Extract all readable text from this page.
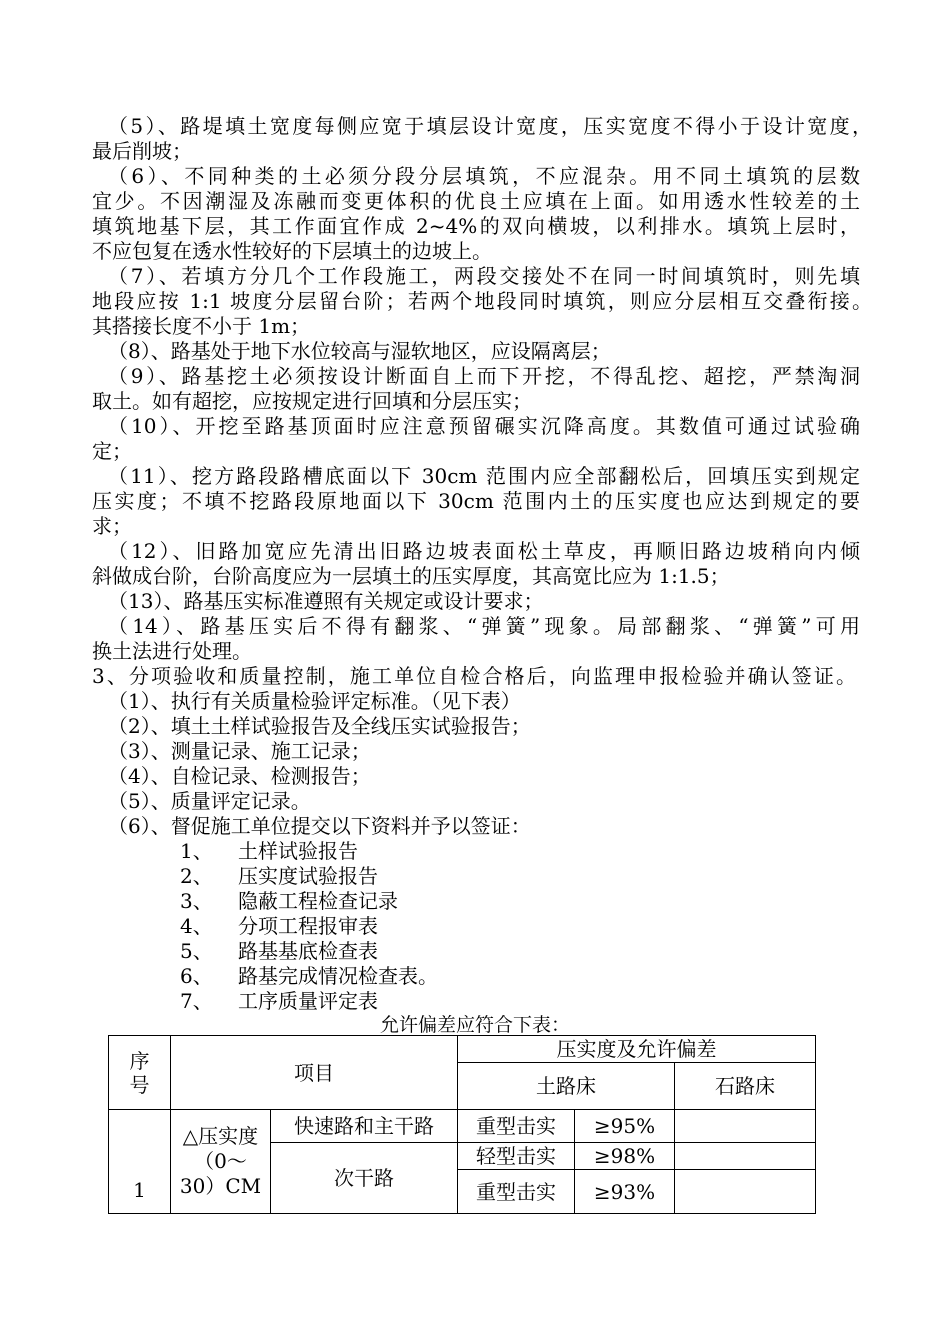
（5）、路堤填土宽度每侧应宽于填层设计宽度，压实宽度不得小于设计宽度，
最后削坡；
（6）、不同种类的土必须分段分层填筑，不应混杂。用不同土填筑的层数
宜少。不因潮湿及冻融而变更体积的优良土应填在上面。如用透水性较差的土
填筑地基下层，其工作面宜作成 2~4%的双向横坡，以利排水。填筑上层时，
不应包复在透水性较好的下层填土的边坡上。
（7）、若填方分几个工作段施工，两段交接处不在同一时间填筑时，则先填
地段应按 1:1 坡度分层留台阶；若两个地段同时填筑，则应分层相互交叠衔接。
其搭接长度不小于 1m；
（8）、路基处于地下水位较高与湿软地区，应设隔离层；
（9）、路基挖土必须按设计断面自上而下开挖，不得乱挖、超挖，严禁淘洞
取土。如有超挖，应按规定进行回填和分层压实；
（10）、开挖至路基顶面时应注意预留碾实沉降高度。其数值可通过试验确
定；
（11）、挖方路段路槽底面以下 30cm 范围内应全部翻松后，回填压实到规定
压实度；不填不挖路段原地面以下 30cm 范围内土的压实度也应达到规定的要
求；
（12）、旧路加宽应先清出旧路边坡表面松土草皮，再顺旧路边坡稍向内倾
斜做成台阶，台阶高度应为一层填土的压实厚度，其高宽比应为 1:1.5；
（13）、路基压实标准遵照有关规定或设计要求；
（14）、路基压实后不得有翻浆、“弹簧”现象。局部翻浆、“弹簧”可用
换土法进行处理。
3、分项验收和质量控制，施工单位自检合格后，向监理申报检验并确认签证。
（1）、执行有关质量检验评定标准。（见下表）
（2）、填土土样试验报告及全线压实试验报告；
（3）、测量记录、施工记录；
（4）、自检记录、检测报告；
（5）、质量评定记录。
（6）、督促施工单位提交以下资料并予以签证：
1、 土样试验报告
2、 压实度试验报告
3、 隐蔽工程检查记录
4、 分项工程报审表
5、 路基基底检查表
6、 路基完成情况检查表。
7、 工序质量评定表
允许偏差应符合下表：
序号	项目		压实度及允许偏差		
			土路床		石路床
1	△压实度（0～30）CM	快速路和主干路	重型击实	≥95%	
		次干路	轻型击实	≥98%	
			重型击实	≥93%	
